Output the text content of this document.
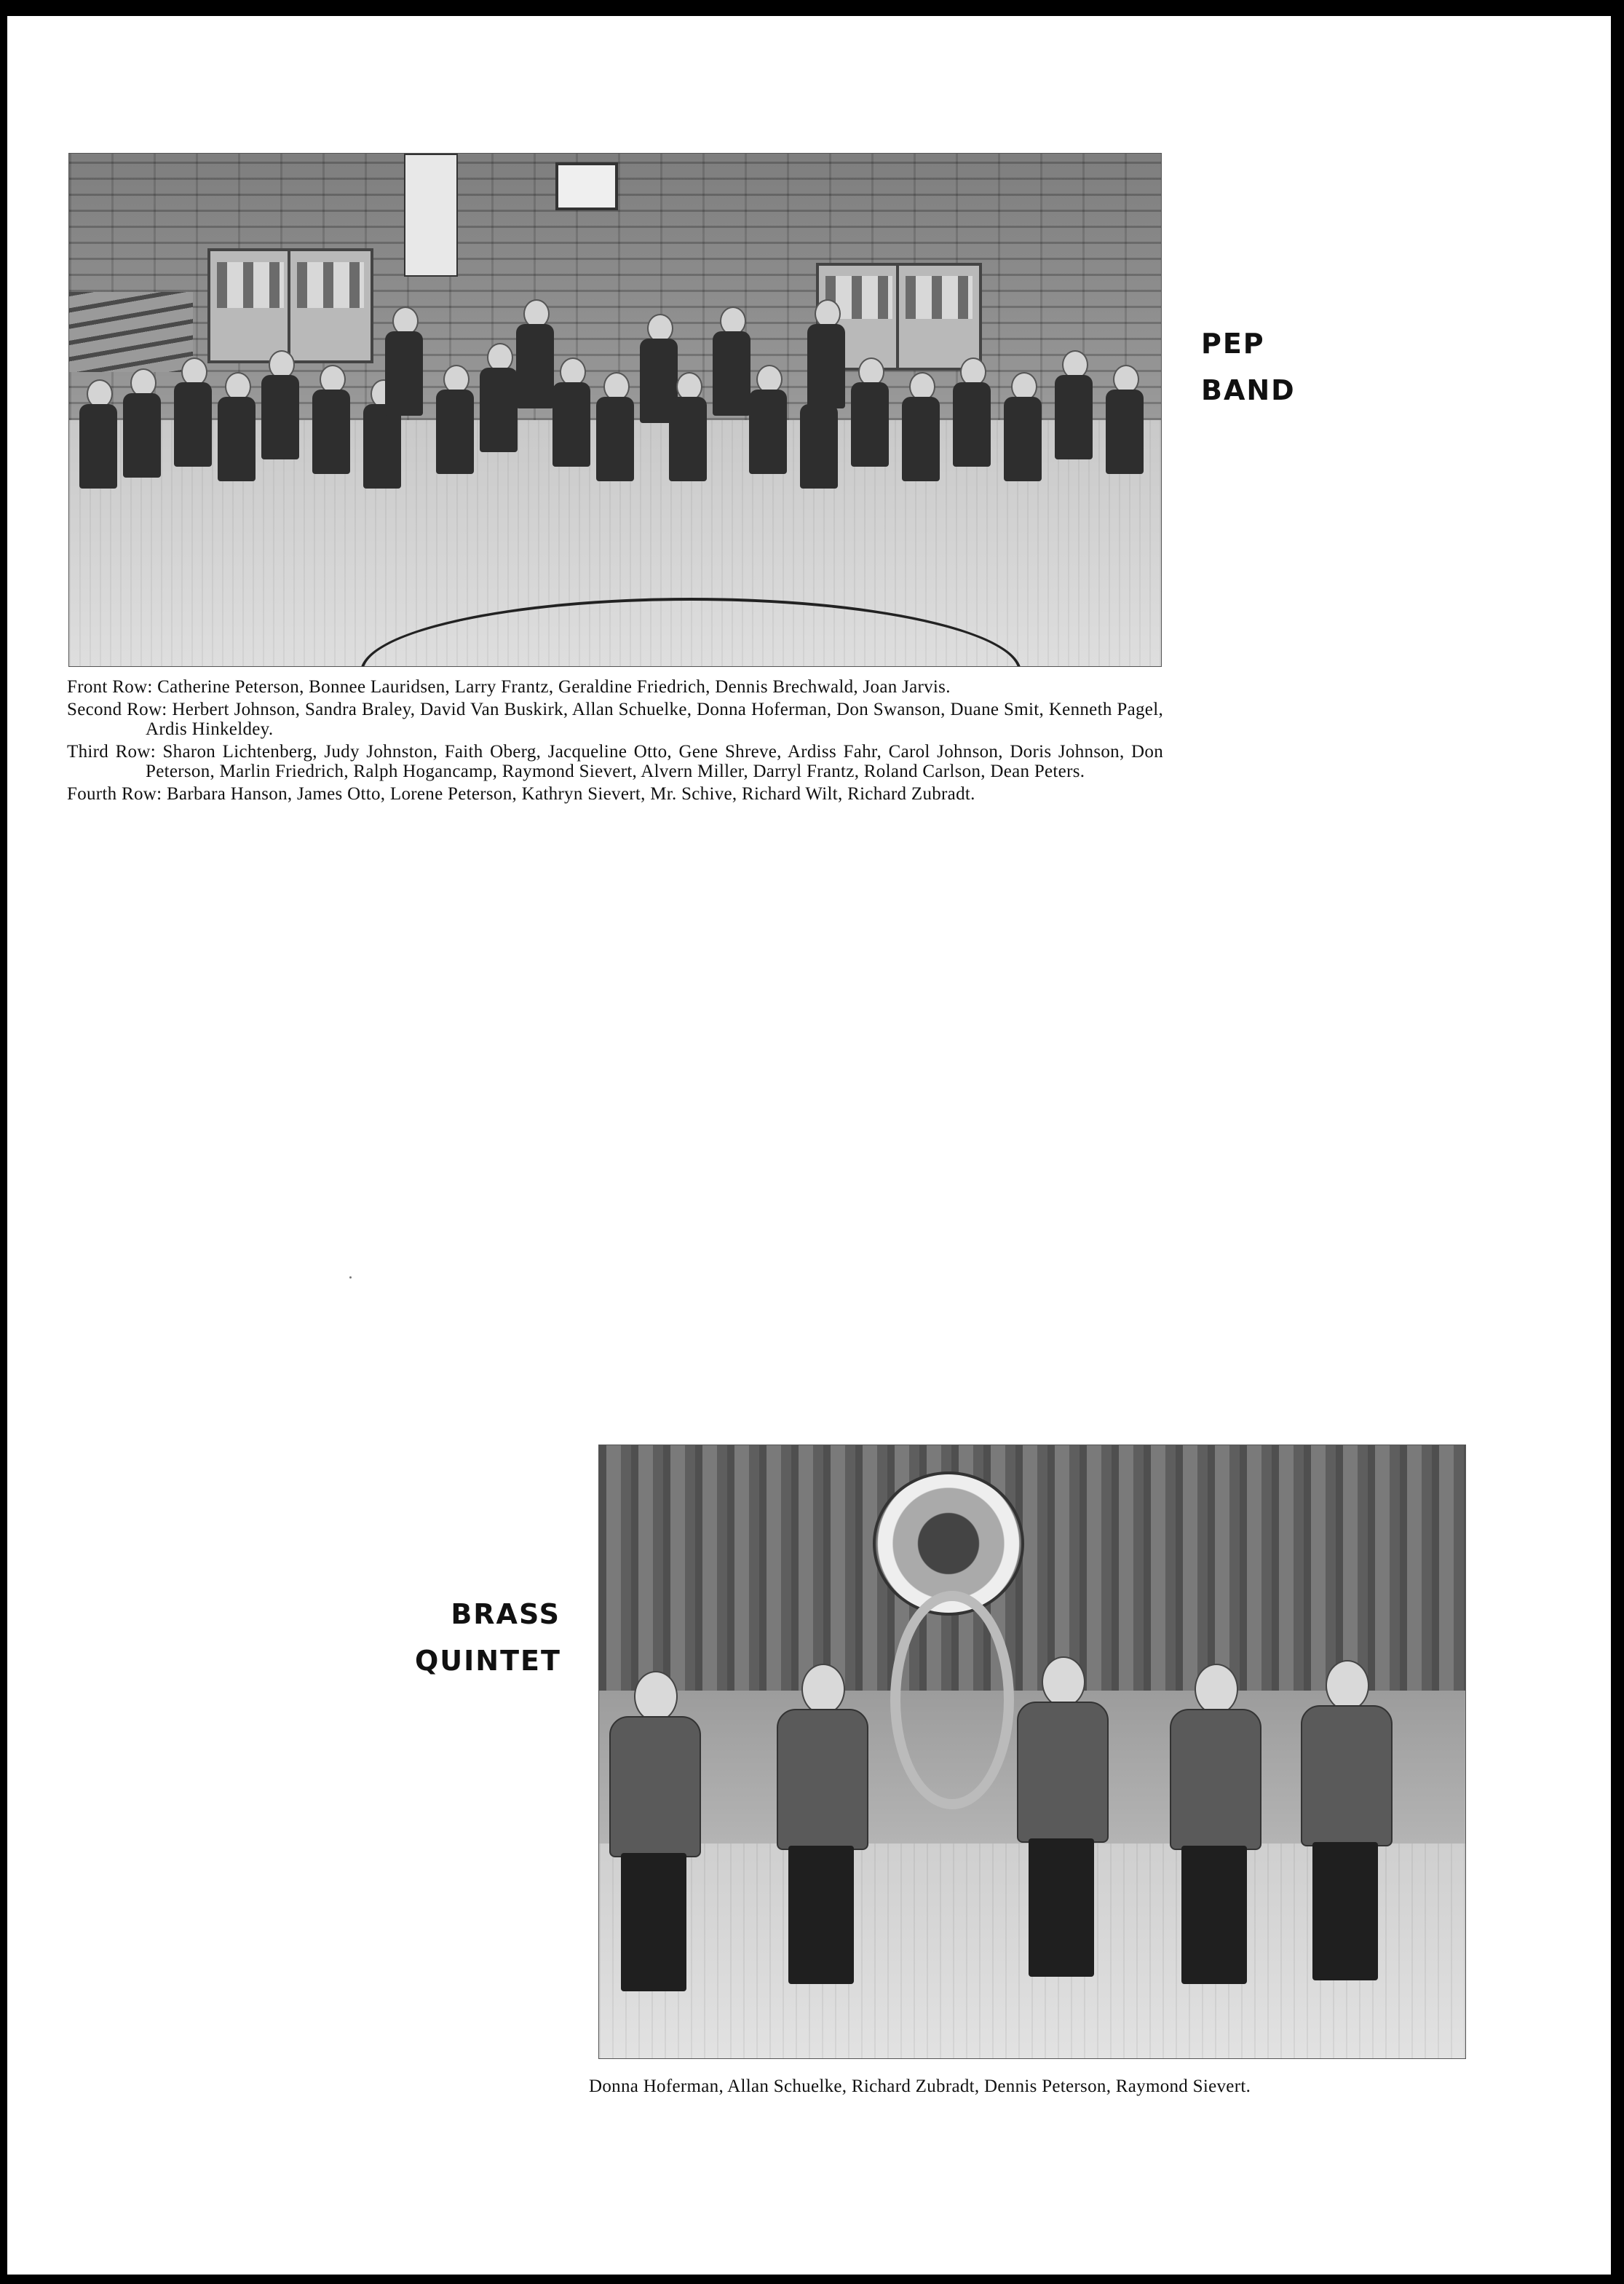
PEP
BAND
Front Row: Catherine Peterson, Bonnee Lauridsen, Larry Frantz, Geraldine Friedrich, Dennis Brechwald, Joan Jarvis.
Second Row: Herbert Johnson, Sandra Braley, David Van Buskirk, Allan Schuelke, Donna Hoferman, Don Swanson, Duane Smit, Kenneth Pagel, Ardis Hinkeldey.
Third Row: Sharon Lichtenberg, Judy Johnston, Faith Oberg, Jacqueline Otto, Gene Shreve, Ardiss Fahr, Carol Johnson, Doris Johnson, Don Peterson, Marlin Friedrich, Ralph Hogancamp, Raymond Sievert, Alvern Miller, Darryl Frantz, Roland Carlson, Dean Peters.
Fourth Row: Barbara Hanson, James Otto, Lorene Peterson, Kathryn Sievert, Mr. Schive, Richard Wilt, Richard Zubradt.
BRASS
QUINTET
Donna Hoferman, Allan Schuelke, Richard Zubradt, Dennis Peterson, Raymond Sievert.
